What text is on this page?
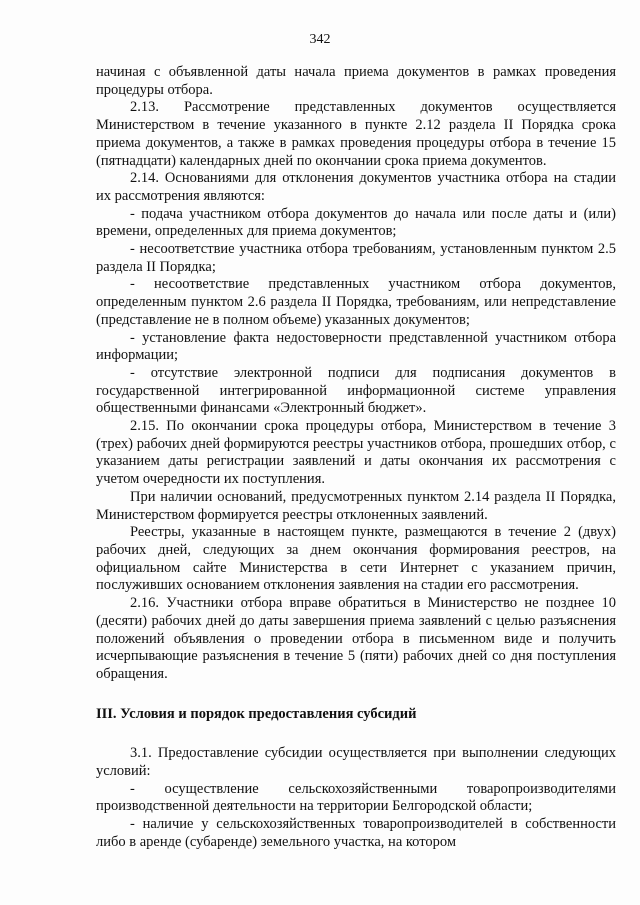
342

начиная с объявленной даты начала приема документов в рамках проведения процедуры отбора.

2.13. Рассмотрение представленных документов осуществляется Министерством в течение указанного в пункте 2.12 раздела II Порядка срока приема документов, а также в рамках проведения процедуры отбора в течение 15 (пятнадцати) календарных дней по окончании срока приема документов.

2.14. Основаниями для отклонения документов участника отбора на стадии их рассмотрения являются:

- подача участником отбора документов до начала или после даты и (или) времени, определенных для приема документов;

- несоответствие участника отбора требованиям, установленным пунктом 2.5 раздела II Порядка;

- несоответствие представленных участником отбора документов, определенным пунктом 2.6 раздела II Порядка, требованиям, или непредставление (представление не в полном объеме) указанных документов;

- установление факта недостоверности представленной участником отбора информации;

- отсутствие электронной подписи для подписания документов в государственной интегрированной информационной системе управления общественными финансами «Электронный бюджет».

2.15. По окончании срока процедуры отбора, Министерством в течение 3 (трех) рабочих дней формируются реестры участников отбора, прошедших отбор, с указанием даты регистрации заявлений и даты окончания их рассмотрения с учетом очередности их поступления.

При наличии оснований, предусмотренных пунктом 2.14 раздела II Порядка, Министерством формируется реестры отклоненных заявлений.

Реестры, указанные в настоящем пункте, размещаются в течение 2 (двух) рабочих дней, следующих за днем окончания формирования реестров, на официальном сайте Министерства в сети Интернет с указанием причин, послуживших основанием отклонения заявления на стадии его рассмотрения.

2.16. Участники отбора вправе обратиться в Министерство не позднее 10 (десяти) рабочих дней до даты завершения приема заявлений с целью разъяснения положений объявления о проведении отбора в письменном виде и получить исчерпывающие разъяснения в течение 5 (пяти) рабочих дней со дня поступления обращения.

III. Условия и порядок предоставления субсидий

3.1. Предоставление субсидии осуществляется при выполнении следующих условий:

- осуществление сельскохозяйственными товаропроизводителями производственной деятельности на территории Белгородской области;

- наличие у сельскохозяйственных товаропроизводителей в собственности либо в аренде (субаренде) земельного участка, на котором
